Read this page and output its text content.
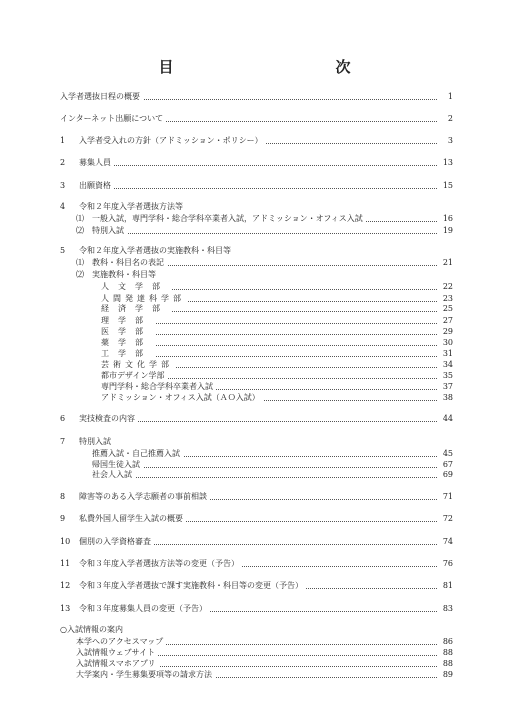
目　　次
入学者選抜日程の概要	1
インターネット出願について	2
1 入学者受入れの方針（アドミッション・ポリシー）	3
2 募集人員	13
3 出願資格	15
4 令和２年度入学者選抜方法等
⑴ 一般入試，専門学科・総合学科卒業者入試，アドミッション・オフィス入試	16
⑵ 特別入試	19
5 令和２年度入学者選抜の実施教科・科目等
⑴ 教科・科目名の表記	21
⑵ 実施教科・科目等
人文学部	22
人間発達科学部	23
経済学部	25
理学部	27
医学部	29
薬学部	30
工学部	31
芸術文化学部	34
都市デザイン学部	35
専門学科・総合学科卒業者入試	37
アドミッション・オフィス入試（ＡＯ入試）	38
6 実技検査の内容	44
7 特別入試
推薦入試・自己推薦入試	45
帰国生徒入試	67
社会人入試	69
8 障害等のある入学志願者の事前相談	71
9 私費外国人留学生入試の概要	72
10 個別の入学資格審査	74
11 令和３年度入学者選抜方法等の変更（予告）	76
12 令和３年度入学者選抜で課す実施教科・科目等の変更（予告）	81
13 令和３年度募集人員の変更（予告）	83
○入試情報の案内
本学へのアクセスマップ	86
入試情報ウェブサイト	88
入試情報スマホアプリ	88
大学案内・学生募集要項等の請求方法	89
